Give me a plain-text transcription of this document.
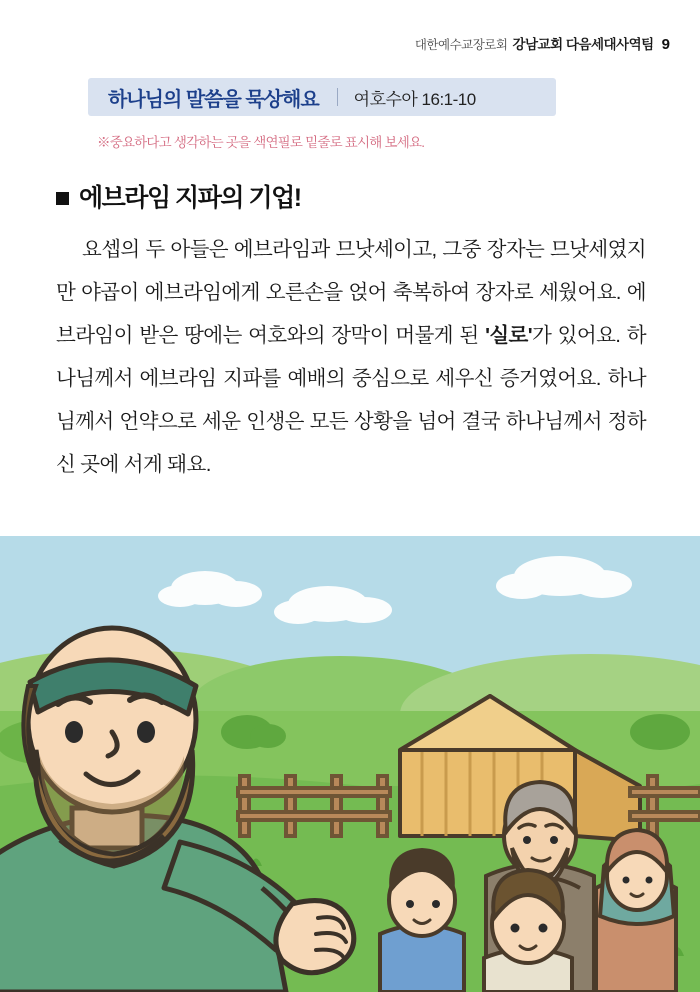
대한예수교장로회 강남교회 다음세대사역팀 9
하나님의 말씀을 묵상해요 여호수아 16:1-10
※중요하다고 생각하는 곳을 색연필로 밑줄로 표시해 보세요.
에브라임 지파의 기업!
요셉의 두 아들은 에브라임과 므낫세이고, 그중 장자는 므낫세였지만 야곱이 에브라임에게 오른손을 얹어 축복하여 장자로 세웠어요. 에브라임이 받은 땅에는 여호와의 장막이 머물게 된 '실로'가 있어요. 하나님께서 에브라임 지파를 예배의 중심으로 세우신 증거였어요. 하나님께서 언약으로 세운 인생은 모든 상황을 넘어 결국 하나님께서 정하신 곳에 서게 돼요.
